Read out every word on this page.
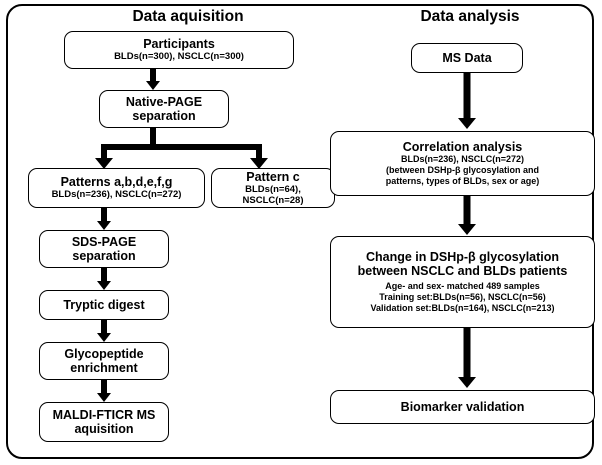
Data aquisition	Data analysis
Participants
BLDs(n=300), NSCLC(n=300)
Native-PAGE separation
Patterns a,b,d,e,f,g
BLDs(n=236), NSCLC(n=272)
Pattern c
BLDs(n=64), NSCLC(n=28)
SDS-PAGE separation
Tryptic digest
Glycopeptide enrichment
MALDI-FTICR MS aquisition
MS Data
Correlation analysis
BLDs(n=236), NSCLC(n=272)
(between DSHp-β glycosylation and
patterns, types of BLDs, sex or age)
Change in DSHp-β glycosylation between NSCLC and BLDs patients
Age- and sex- matched 489 samples
Training set:BLDs(n=56), NSCLC(n=56)
Validation set:BLDs(n=164), NSCLC(n=213)
Biomarker validation
